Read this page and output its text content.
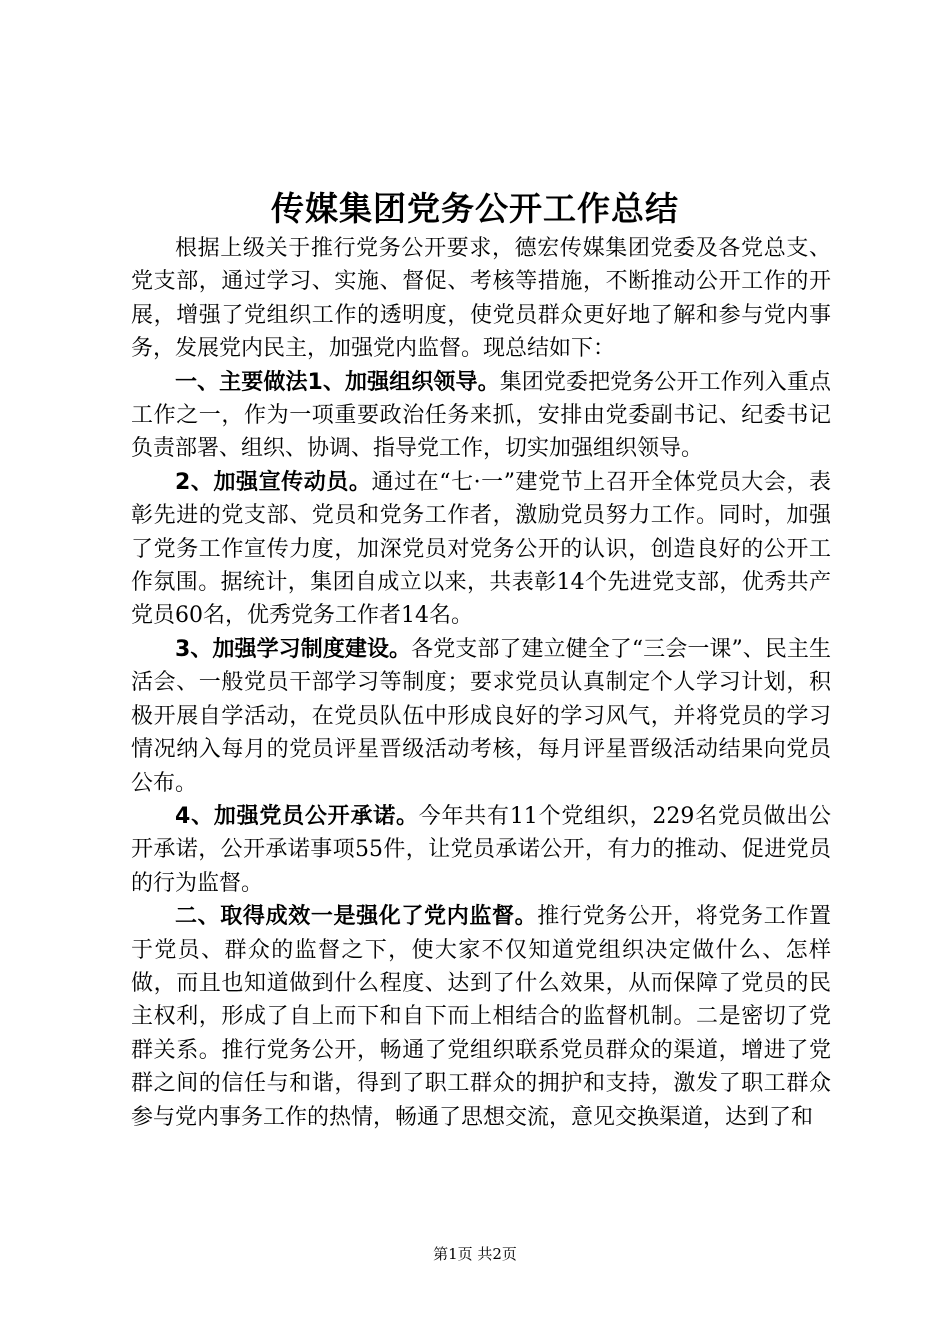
传媒集团党务公开工作总结

根据上级关于推行党务公开要求，德宏传媒集团党委及各党总支、党支部，通过学习、实施、督促、考核等措施，不断推动公开工作的开展，增强了党组织工作的透明度，使党员群众更好地了解和参与党内事务，发展党内民主，加强党内监督。现总结如下：

一、主要做法1、加强组织领导。集团党委把党务公开工作列入重点工作之一，作为一项重要政治任务来抓，安排由党委副书记、纪委书记负责部署、组织、协调、指导党工作，切实加强组织领导。

2、加强宣传动员。通过在“七·一”建党节上召开全体党员大会，表彰先进的党支部、党员和党务工作者，激励党员努力工作。同时，加强了党务工作宣传力度，加深党员对党务公开的认识，创造良好的公开工作氛围。据统计，集团自成立以来，共表彰14个先进党支部，优秀共产党员60名，优秀党务工作者14名。

3、加强学习制度建设。各党支部了建立健全了“三会一课”、民主生活会、一般党员干部学习等制度；要求党员认真制定个人学习计划，积极开展自学活动，在党员队伍中形成良好的学习风气，并将党员的学习情况纳入每月的党员评星晋级活动考核，每月评星晋级活动结果向党员公布。

4、加强党员公开承诺。今年共有11个党组织，229名党员做出公开承诺，公开承诺事项55件，让党员承诺公开，有力的推动、促进党员的行为监督。

二、取得成效一是强化了党内监督。推行党务公开，将党务工作置于党员、群众的监督之下，使大家不仅知道党组织决定做什么、怎样做，而且也知道做到什么程度、达到了什么效果，从而保障了党员的民主权利，形成了自上而下和自下而上相结合的监督机制。二是密切了党群关系。推行党务公开，畅通了党组织联系党员群众的渠道，增进了党群之间的信任与和谐，得到了职工群众的拥护和支持，激发了职工群众参与党内事务工作的热情，畅通了思想交流，意见交换渠道，达到了和

第1页 共2页
